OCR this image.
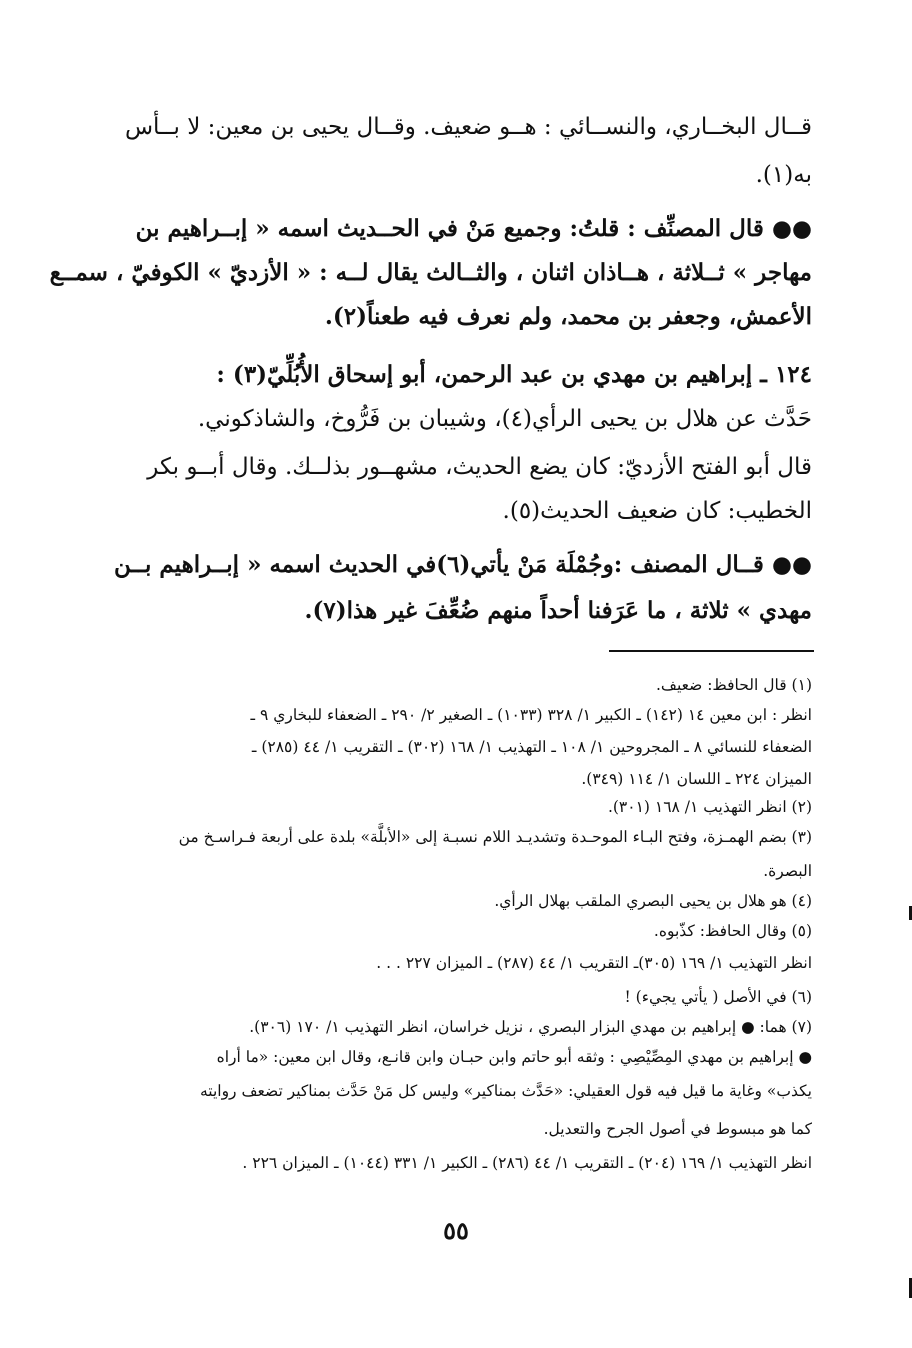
قــال البخــاري، والنســائي : هــو ضعيف. وقــال يحيى بن معين: لا بــأس
به(١).
●● قال المصنِّف : قلتُ: وجميع مَنْ في الحــديث اسمه « إبــراهيم بن
مهاجر » ثــلاثة ، هــاذان اثنان ، والثــالث يقال لــه : « الأزديّ » الكوفيّ ، سمــع
الأعمش، وجعفر بن محمد، ولم نعرف فيه طعناً(٢).
١٢٤ ـ إبراهيم بن مهدي بن عبد الرحمن، أبو إسحاق الأُبُلِّيّ(٣) :
حَدَّث عن هلال بن يحيى الرأي(٤)، وشيبان بن فَرُّوخ، والشاذكوني.
قال أبو الفتح الأزديّ: كان يضع الحديث، مشهــور بذلــك. وقال أبــو بكر
الخطيب: كان ضعيف الحديث(٥).
●● قــال المصنف :وجُمْلَة مَنْ يأتي(٦)في الحديث اسمه « إبــراهيم بــن
مهدي » ثلاثة ، ما عَرَفنا أحداً منهم ضُعِّفَ غير هذا(٧).
(١) قال الحافظ: ضعيف.
انظر : ابن معين ١٤ (١٤٢) ـ الكبير ١/ ٣٢٨ (١٠٣٣) ـ الصغير ٢/ ٢٩٠ ـ الضعفاء للبخاري ٩ ـ
الضعفاء للنسائي ٨ ـ المجروحين ١/ ١٠٨ ـ التهذيب ١/ ١٦٨ (٣٠٢) ـ التقريب ١/ ٤٤ (٢٨٥) ـ
الميزان ٢٢٤ ـ اللسان ١/ ١١٤ (٣٤٩).
(٢) انظر التهذيب ١/ ١٦٨ (٣٠١).
(٣) بضم الهمـزة، وفتح البـاء الموحـدة وتشديـد اللام نسبـة إلى «الأبلَّة» بلدة على أربعة فـراسـخ من
البصرة.
(٤) هو هلال بن يحيى البصري الملقب بهلال الرأي.
(٥) وقال الحافظ: كذّبوه.
انظر التهذيب ١/ ١٦٩ (٣٠٥)ـ التقريب ١/ ٤٤ (٢٨٧) ـ الميزان ٢٢٧ . . .
(٦) في الأصل ( يأتي يجيء) !
(٧) هما: ● إبراهيم بن مهدي البزار البصري ، نزيل خراسان، انظر التهذيب ١/ ١٧٠ (٣٠٦).
● إبراهيم بن مهدي المِصِّيْصِي : وثقه أبو حاتم وابن حبـان وابن قانـع، وقال ابن معين: «ما أراه
يكذب» وغاية ما قيل فيه قول العقيلي: «حَدَّث بمناكير» وليس كل مَنْ حَدَّث بمناكير تضعف روايته
كما هو مبسوط في أصول الجرح والتعديل.
انظر التهذيب ١/ ١٦٩ (٢٠٤) ـ التقريب ١/ ٤٤ (٢٨٦) ـ الكبير ١/ ٣٣١ (١٠٤٤) ـ الميزان ٢٢٦ .
٥٥
